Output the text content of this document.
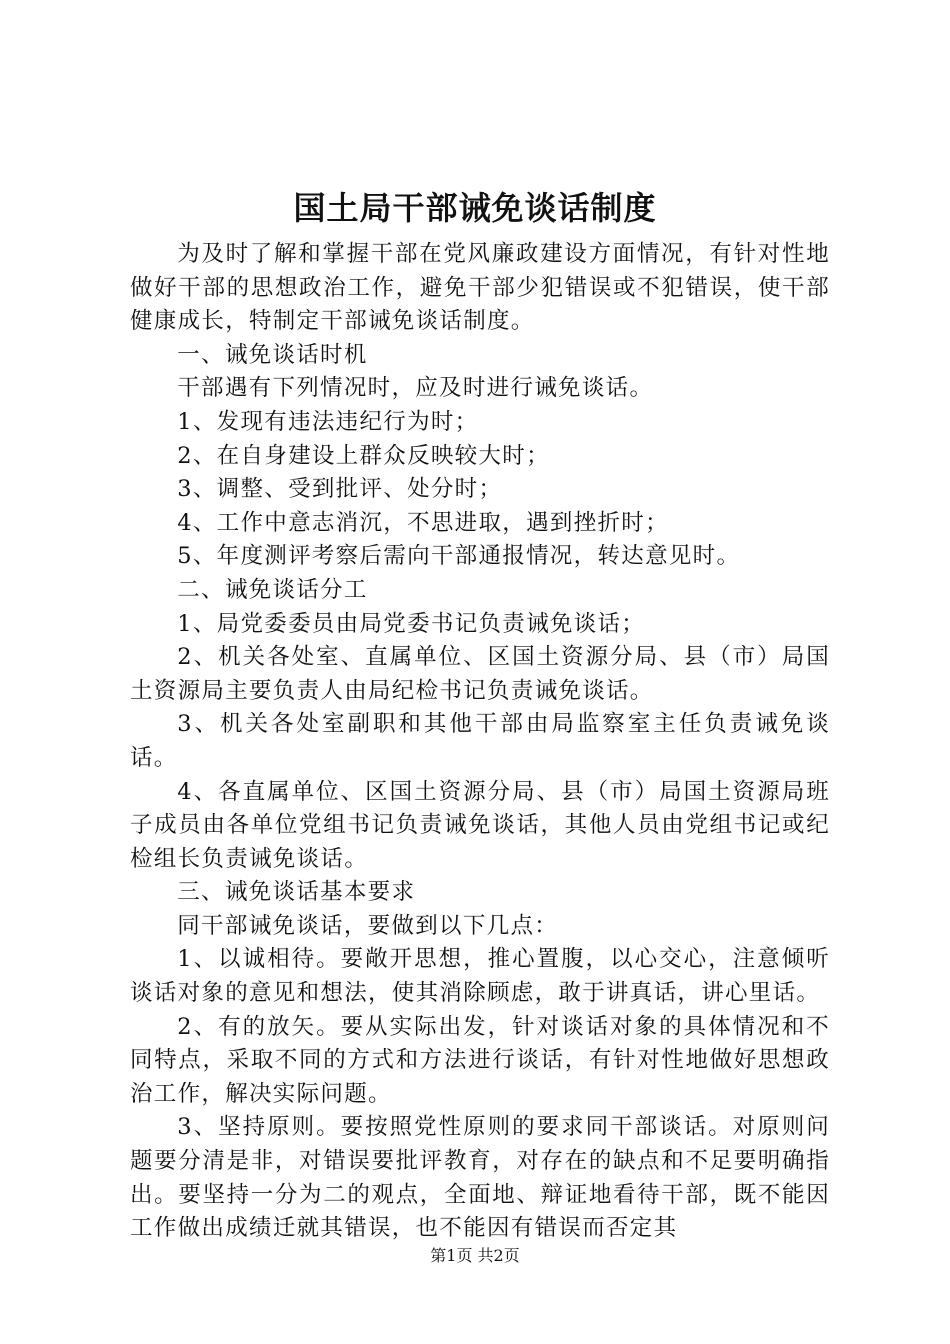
国土局干部诫免谈话制度

为及时了解和掌握干部在党风廉政建设方面情况，有针对性地做好干部的思想政治工作，避免干部少犯错误或不犯错误，使干部健康成长，特制定干部诫免谈话制度。

一、诫免谈话时机

干部遇有下列情况时，应及时进行诫免谈话。

1、发现有违法违纪行为时；

2、在自身建设上群众反映较大时；

3、调整、受到批评、处分时；

4、工作中意志消沉，不思进取，遇到挫折时；

5、年度测评考察后需向干部通报情况，转达意见时。

二、诫免谈话分工

1、局党委委员由局党委书记负责诫免谈话；

2、机关各处室、直属单位、区国土资源分局、县（市）局国土资源局主要负责人由局纪检书记负责诫免谈话。

3、机关各处室副职和其他干部由局监察室主任负责诫免谈话。

4、各直属单位、区国土资源分局、县（市）局国土资源局班子成员由各单位党组书记负责诫免谈话，其他人员由党组书记或纪检组长负责诫免谈话。

三、诫免谈话基本要求

同干部诫免谈话，要做到以下几点：

1、以诚相待。要敞开思想，推心置腹，以心交心，注意倾听谈话对象的意见和想法，使其消除顾虑，敢于讲真话，讲心里话。

2、有的放矢。要从实际出发，针对谈话对象的具体情况和不同特点，采取不同的方式和方法进行谈话，有针对性地做好思想政治工作，解决实际问题。

3、坚持原则。要按照党性原则的要求同干部谈话。对原则问题要分清是非，对错误要批评教育，对存在的缺点和不足要明确指出。要坚持一分为二的观点，全面地、辩证地看待干部，既不能因工作做出成绩迁就其错误，也不能因有错误而否定其

第1页 共2页
